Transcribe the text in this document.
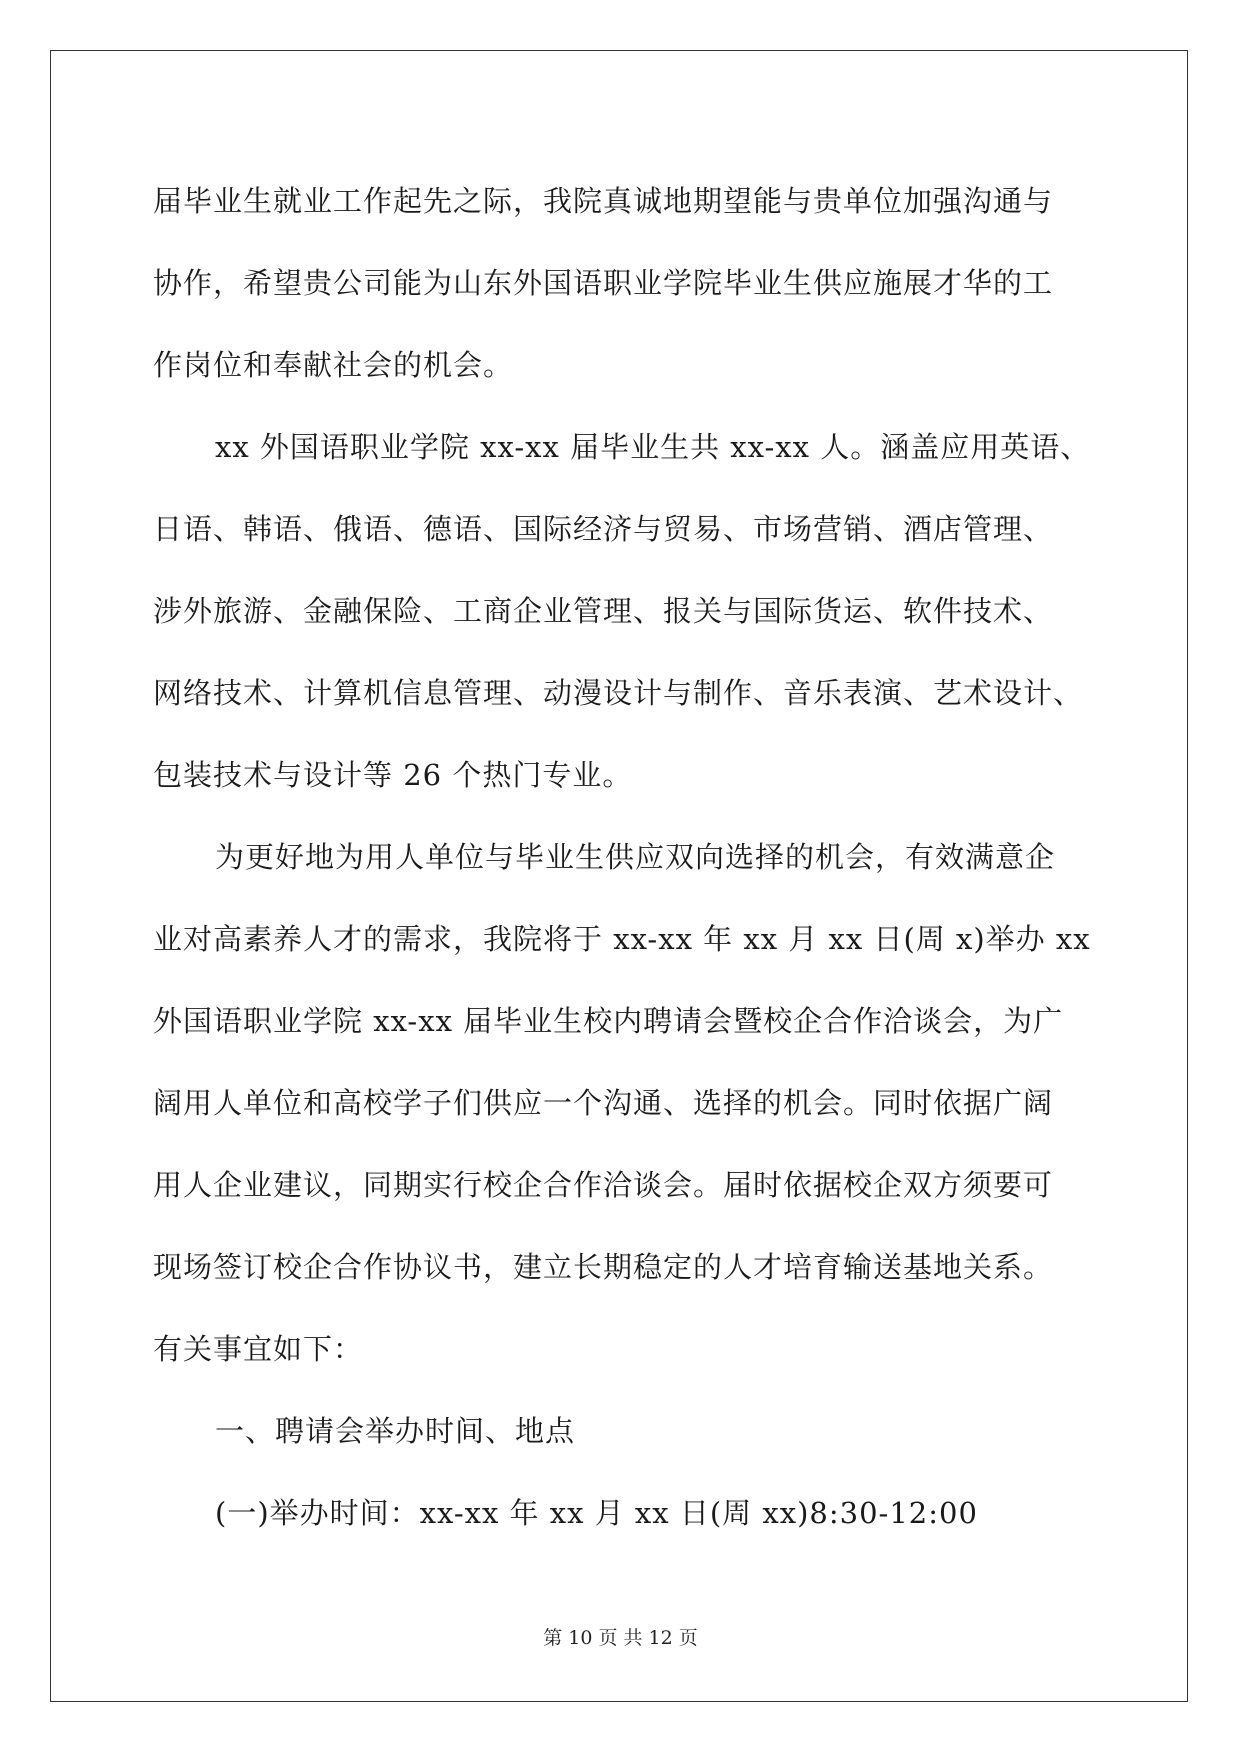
届毕业生就业工作起先之际，我院真诚地期望能与贵单位加强沟通与
协作，希望贵公司能为山东外国语职业学院毕业生供应施展才华的工
作岗位和奉献社会的机会。
xx 外国语职业学院 xx-xx 届毕业生共 xx-xx 人。涵盖应用英语、
日语、韩语、俄语、德语、国际经济与贸易、市场营销、酒店管理、
涉外旅游、金融保险、工商企业管理、报关与国际货运、软件技术、
网络技术、计算机信息管理、动漫设计与制作、音乐表演、艺术设计、
包装技术与设计等 26 个热门专业。
为更好地为用人单位与毕业生供应双向选择的机会，有效满意企
业对高素养人才的需求，我院将于 xx-xx 年 xx 月 xx 日(周 x)举办 xx
外国语职业学院 xx-xx 届毕业生校内聘请会暨校企合作洽谈会，为广
阔用人单位和高校学子们供应一个沟通、选择的机会。同时依据广阔
用人企业建议，同期实行校企合作洽谈会。届时依据校企双方须要可
现场签订校企合作协议书，建立长期稳定的人才培育输送基地关系。
有关事宜如下：
一、聘请会举办时间、地点
(一)举办时间：xx-xx 年 xx 月 xx 日(周 xx)8:30-12:00
第 10 页 共 12 页
